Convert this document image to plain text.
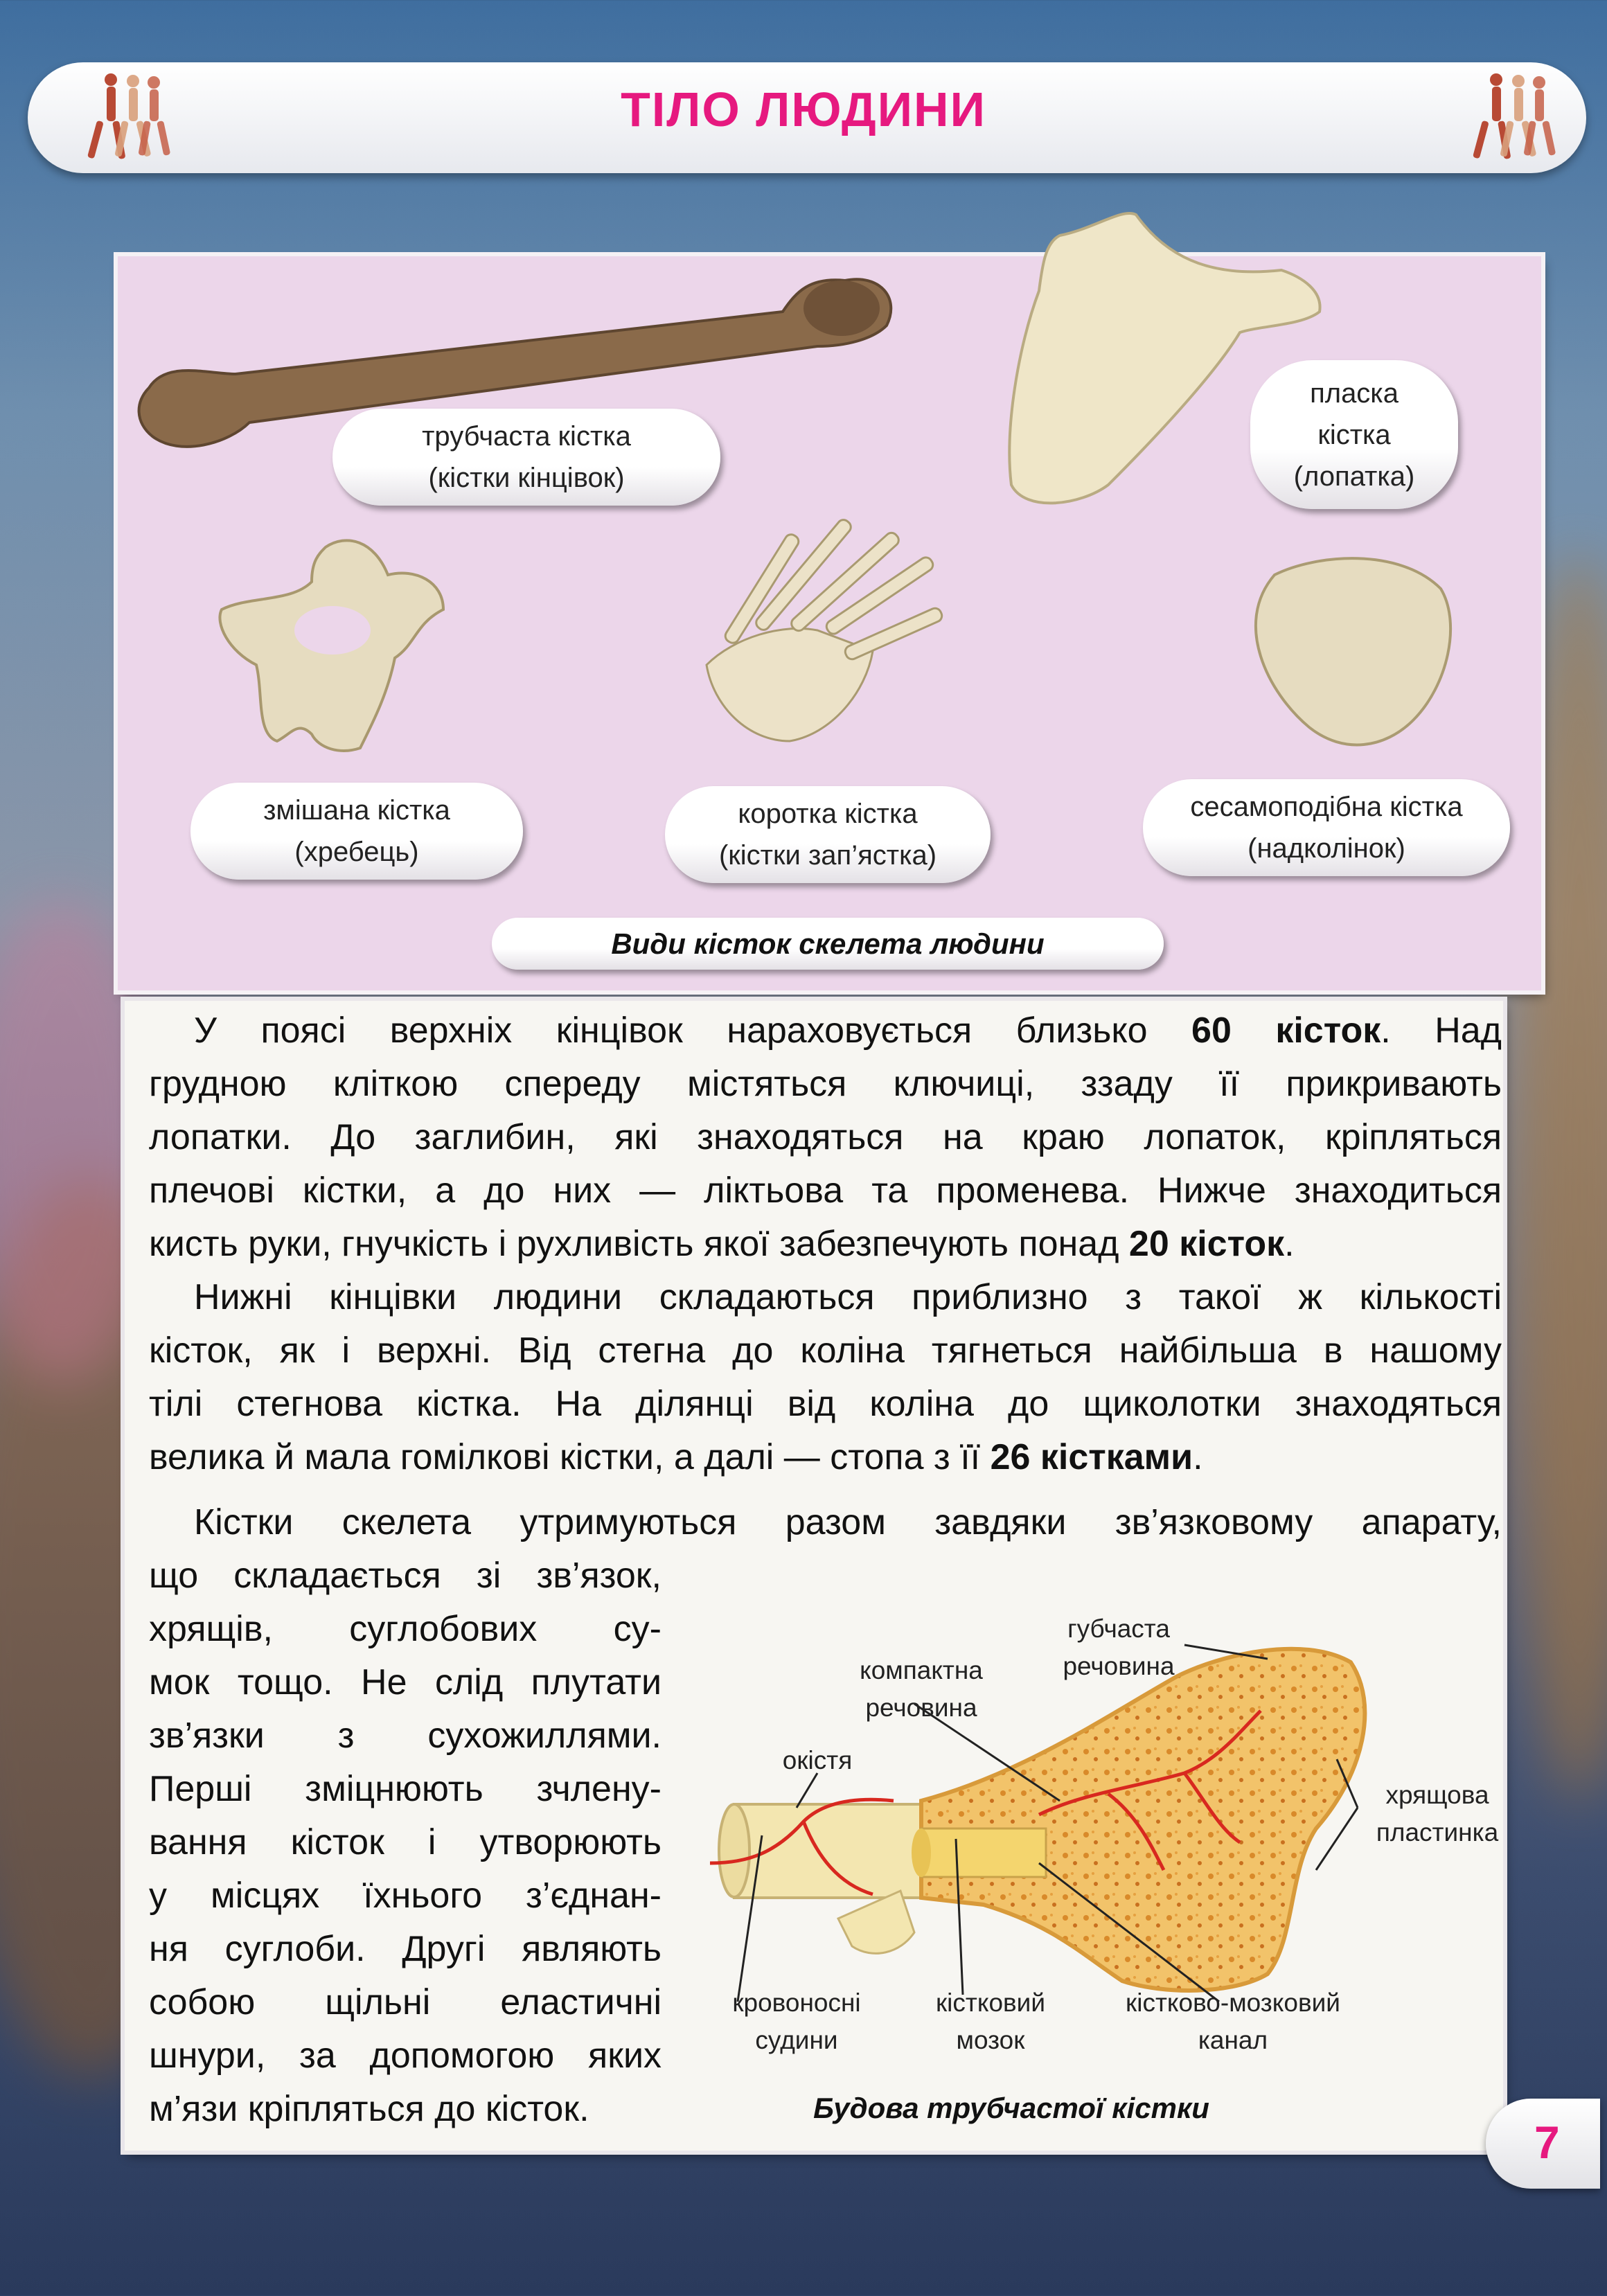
ТІЛО ЛЮДИНИ
трубчаста кістка
(кістки кінцівок)
пласка
кістка
(лопатка)
змішана кістка
(хребець)
коротка кістка
(кістки зап’ястка)
сесамоподібна кістка
(надколінок)
Види кісток скелета людини
У поясі верхніх кінцівок нараховується близько 60 кісток. Над
грудною кліткою спереду містяться ключиці, ззаду її прикривають
лопатки. До заглибин, які знаходяться на краю лопаток, кріпляться
плечові кістки, а до них — ліктьова та променева. Нижче знаходиться
кисть руки, гнучкість і рухливість якої забезпечують понад 20 кісток.
Нижні кінцівки людини складаються приблизно з такої ж кількості
кісток, як і верхні. Від стегна до коліна тягнеться найбільша в нашому
тілі стегнова кістка. На ділянці від коліна до щиколотки знаходяться
велика й мала гомілкові кістки, а далі — стопа з її 26 кістками.
Кістки скелета утримуються разом завдяки зв’язковому апарату,
що складається зі зв’язок,
хрящів, суглобових су-
мок тощо. Не слід плутати
зв’язки з сухожиллями.
Перші зміцнюють зчлену-
вання кісток і утворюють
у місцях їхнього з’єднан-
ня суглоби. Другі являють
собою щільні еластичні
шнури, за допомогою яких
м’язи кріпляться до кісток.
губчаста
речовина
компактна
речовина
окістя
хрящова
пластинка
кровоносні
судини
кістковий
мозок
кістково-мозковий
канал
Будова трубчастої кістки
7
